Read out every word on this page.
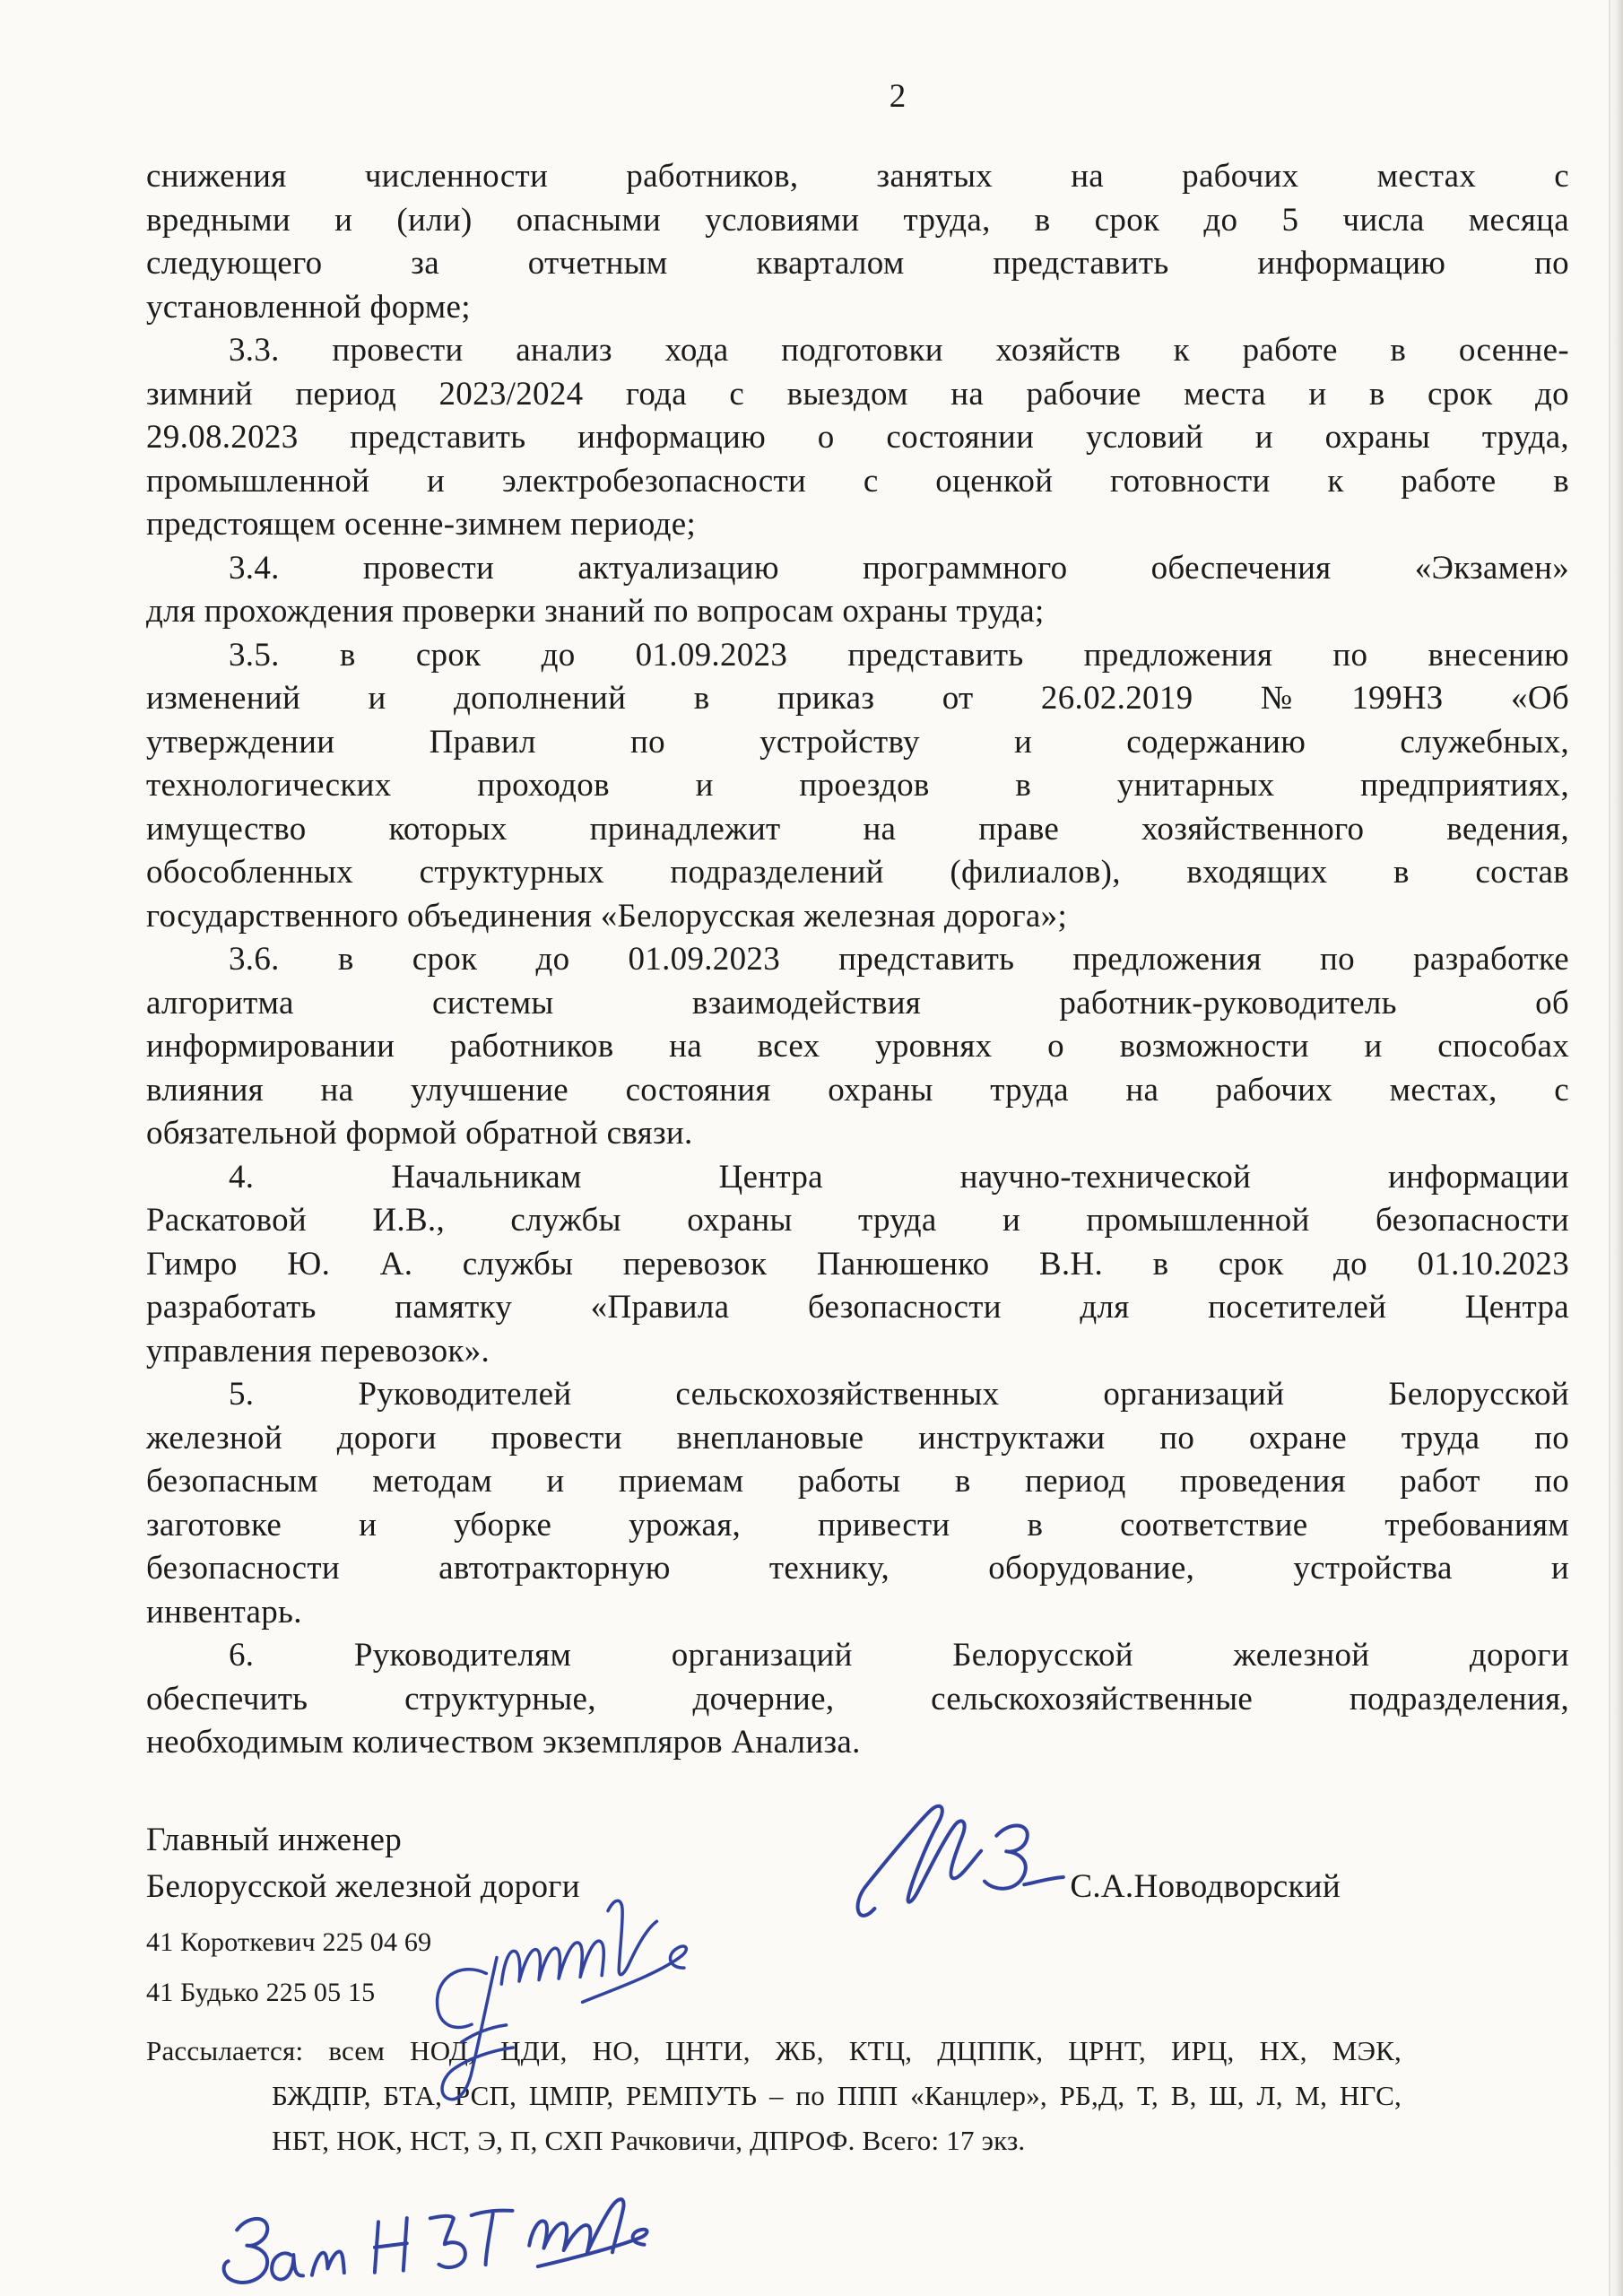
2
снижения численности работников, занятых на рабочих местах с
вредными и (или) опасными условиями труда, в срок до 5 числа месяца
следующего за отчетным кварталом представить информацию по
установленной форме;
3.3. провести анализ хода подготовки хозяйств к работе в осенне-
зимний период 2023/2024 года с выездом на рабочие места и в срок до
29.08.2023 представить информацию о состоянии условий и охраны труда,
промышленной и электробезопасности с оценкой готовности к работе в
предстоящем осенне-зимнем периоде;
3.4. провести актуализацию программного обеспечения «Экзамен»
для прохождения проверки знаний по вопросам охраны труда;
3.5. в срок до 01.09.2023 представить предложения по внесению
изменений и дополнений в приказ от 26.02.2019 №199НЗ «Об
утверждении Правил по устройству и содержанию служебных,
технологических проходов и проездов в унитарных предприятиях,
имущество которых принадлежит на праве хозяйственного ведения,
обособленных структурных подразделений (филиалов), входящих в состав
государственного объединения «Белорусская железная дорога»;
3.6. в срок до 01.09.2023 представить предложения по разработке
алгоритма системы взаимодействия работник-руководитель об
информировании работников на всех уровнях о возможности и способах
влияния на улучшение состояния охраны труда на рабочих местах, с
обязательной формой обратной связи.
4. Начальникам Центра научно-технической информации
Раскатовой И.В., службы охраны труда и промышленной безопасности
Гимро Ю. А. службы перевозок Панюшенко В.Н. в срок до 01.10.2023
разработать памятку «Правила безопасности для посетителей Центра
управления перевозок».
5. Руководителей сельскохозяйственных организаций Белорусской
железной дороги провести внеплановые инструктажи по охране труда по
безопасным методам и приемам работы в период проведения работ по
заготовке и уборке урожая, привести в соответствие требованиям
безопасности автотракторную технику, оборудование, устройства и
инвентарь.
6. Руководителям организаций Белорусской железной дороги
обеспечить структурные, дочерние, сельскохозяйственные подразделения,
необходимым количеством экземпляров Анализа.
Главный инженер
Белорусской железной дороги	С.А.Новодворский
41 Короткевич 225 04 69
41 Будько 225 05 15
Рассылается: всем НОД, ЦДИ, НО, ЦНТИ, ЖБ, КТЦ, ДЦППК, ЦРНТ, ИРЦ, НХ, МЭК,
БЖДПР, БТА, РСП, ЦМПР, РЕМПУТЬ – по ППП «Канцлер», РБ,Д, Т, В, Ш, Л, М, НГС,
НБТ, НОК, НСТ, Э, П, СХП Рачковичи, ДПРОФ. Всего: 17 экз.
